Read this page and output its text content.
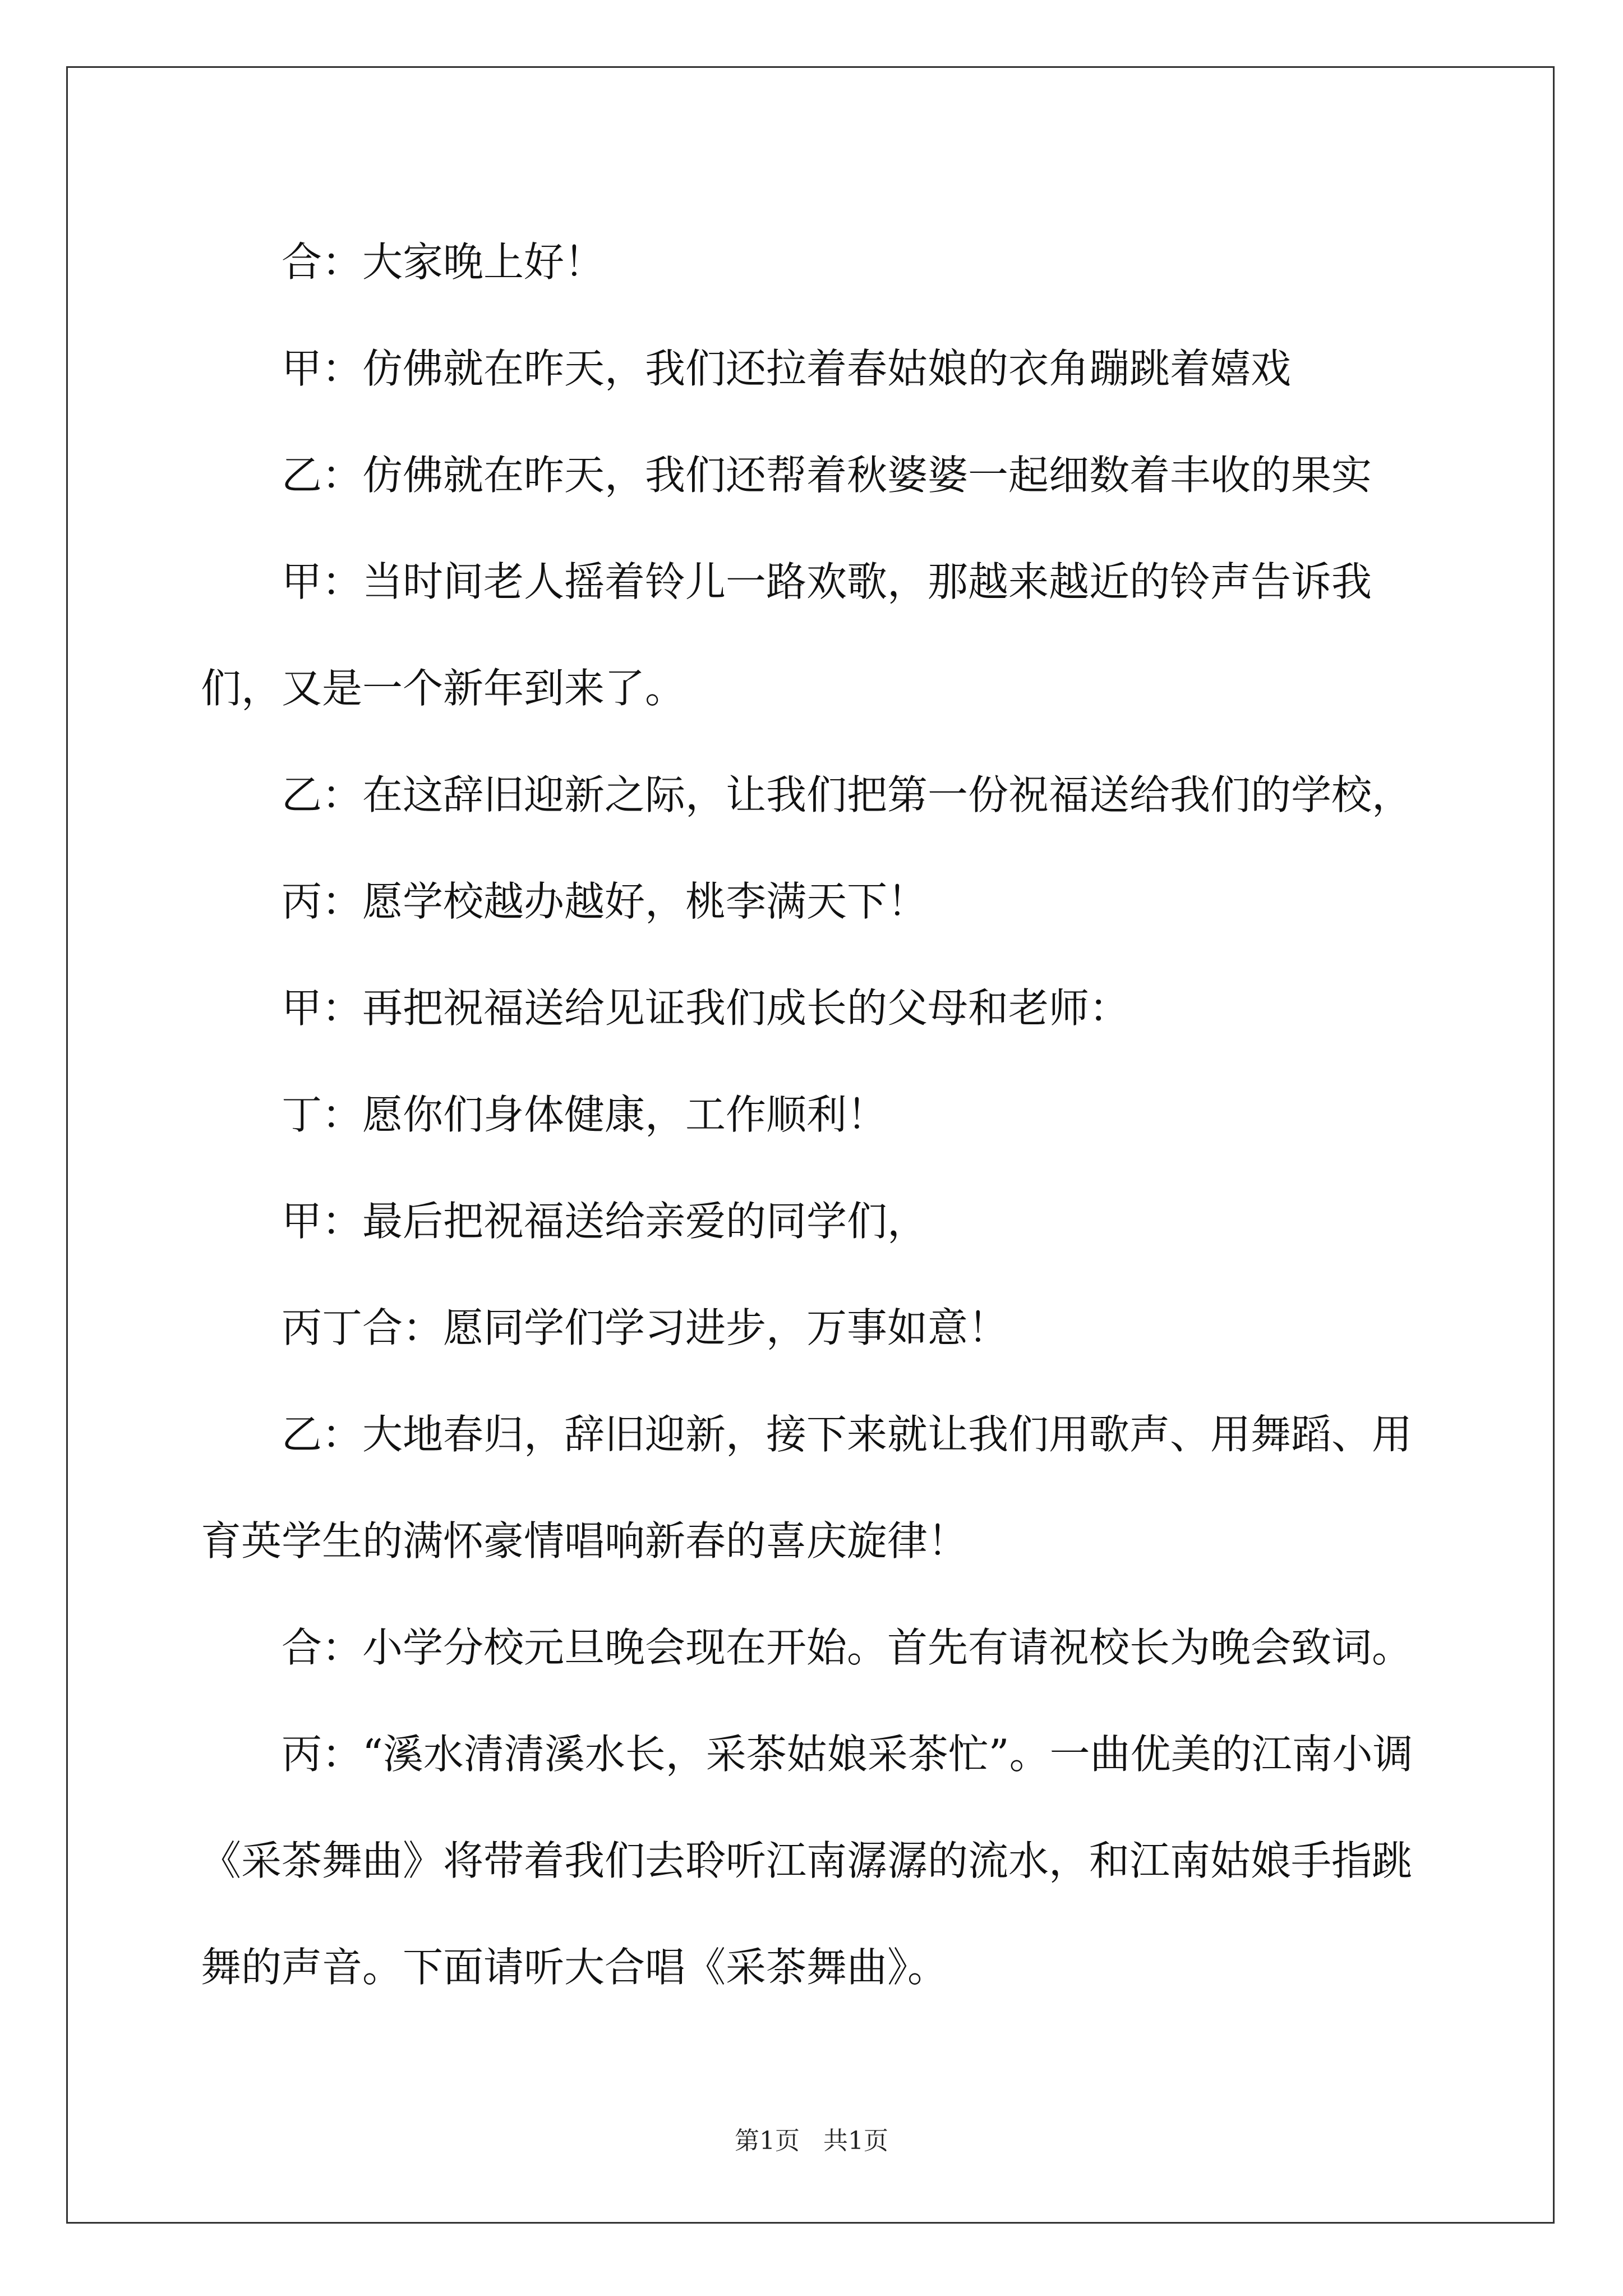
合：大家晚上好！

甲：仿佛就在昨天，我们还拉着春姑娘的衣角蹦跳着嬉戏

乙：仿佛就在昨天，我们还帮着秋婆婆一起细数着丰收的果实

甲：当时间老人摇着铃儿一路欢歌，那越来越近的铃声告诉我们，又是一个新年到来了。

乙：在这辞旧迎新之际，让我们把第一份祝福送给我们的学校，

丙：愿学校越办越好，桃李满天下！

甲：再把祝福送给见证我们成长的父母和老师：

丁：愿你们身体健康，工作顺利！

甲：最后把祝福送给亲爱的同学们，

丙丁合：愿同学们学习进步，万事如意！

乙：大地春归，辞旧迎新，接下来就让我们用歌声、用舞蹈、用育英学生的满怀豪情唱响新春的喜庆旋律！

合：小学分校元旦晚会现在开始。首先有请祝校长为晚会致词。

丙：“溪水清清溪水长，采茶姑娘采茶忙”。一曲优美的江南小调《采茶舞曲》将带着我们去聆听江南潺潺的流水，和江南姑娘手指跳舞的声音。下面请听大合唱《采茶舞曲》。

第1页 共1页
